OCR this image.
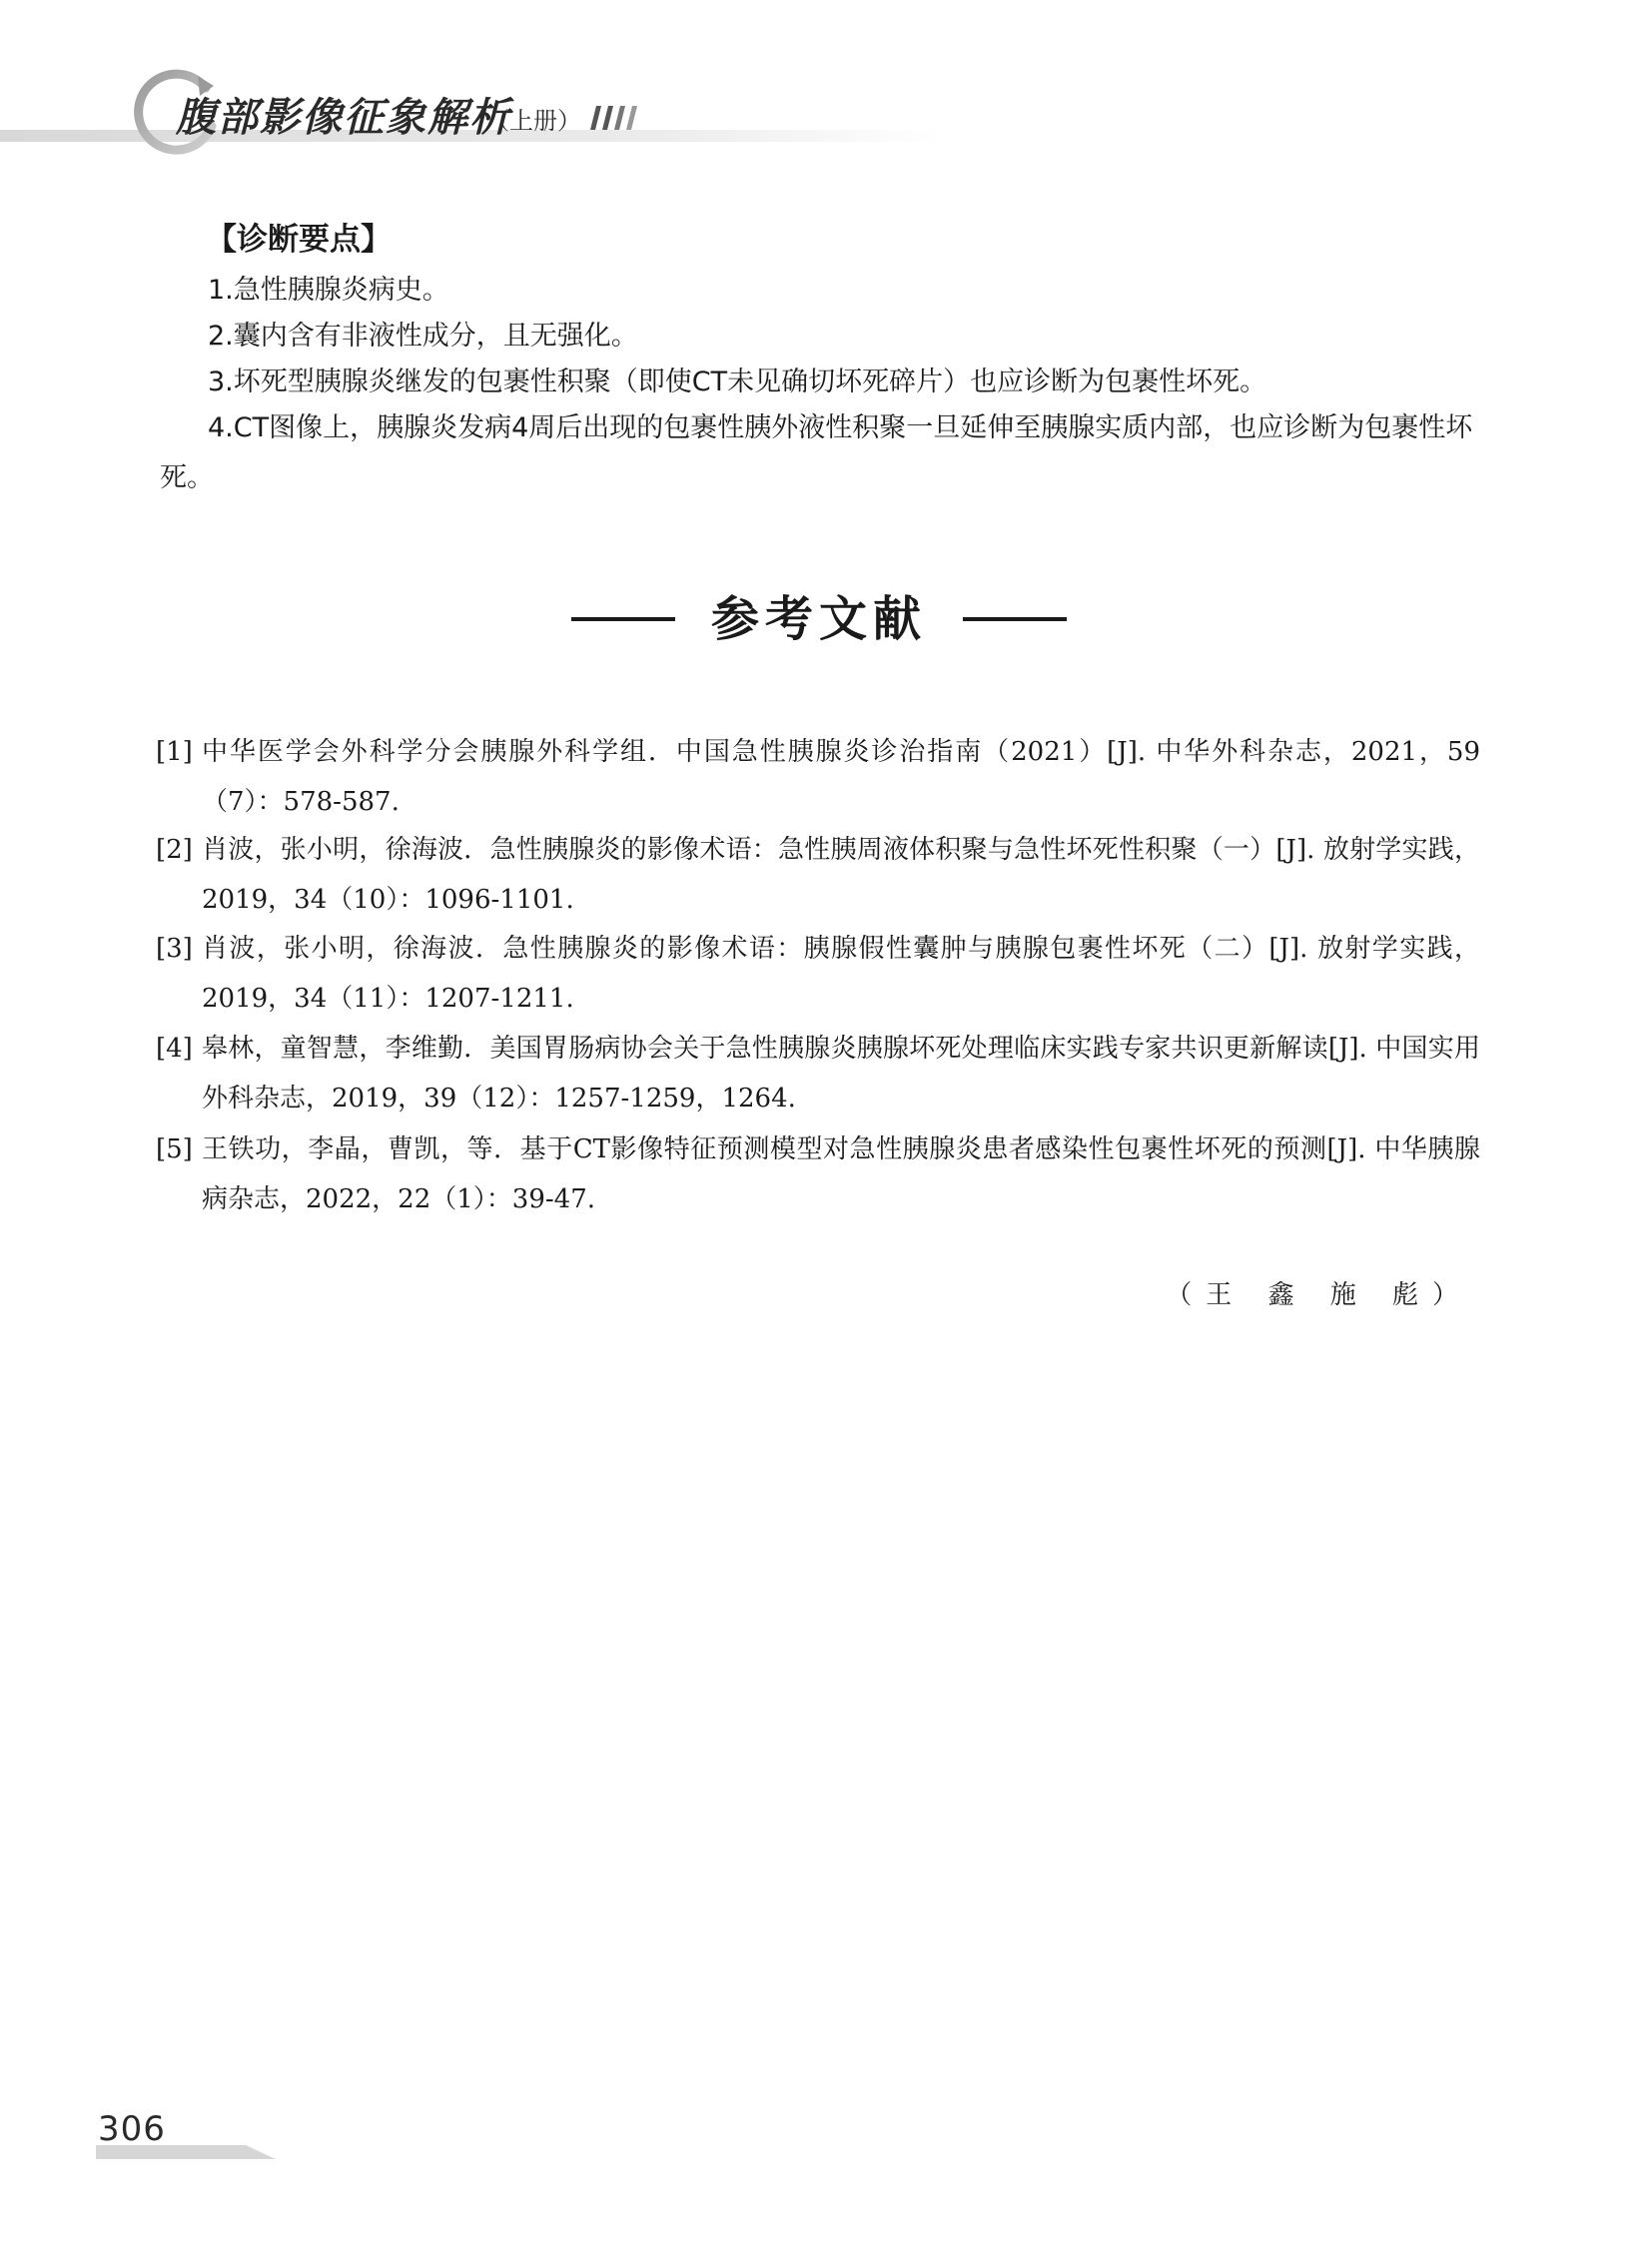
腹部影像征象解析
（上册）
【诊断要点】
1.急性胰腺炎病史。
2.囊内含有非液性成分，且无强化。
3.坏死型胰腺炎继发的包裹性积聚（即使CT未见确切坏死碎片）也应诊断为包裹性坏死。
4.CT图像上，胰腺炎发病4周后出现的包裹性胰外液性积聚一旦延伸至胰腺实质内部，也应诊断为包裹性坏死。
参考文献
[1] 中华医学会外科学分会胰腺外科学组．中国急性胰腺炎诊治指南（2021）[J]. 中华外科杂志，2021，59（7）：578-587.
[2] 肖波，张小明，徐海波．急性胰腺炎的影像术语：急性胰周液体积聚与急性坏死性积聚（一）[J]. 放射学实践，2019，34（10）：1096-1101.
[3] 肖波，张小明，徐海波．急性胰腺炎的影像术语：胰腺假性囊肿与胰腺包裹性坏死（二）[J]. 放射学实践，2019，34（11）：1207-1211.
[4] 皋林，童智慧，李维勤．美国胃肠病协会关于急性胰腺炎胰腺坏死处理临床实践专家共识更新解读[J]. 中国实用外科杂志，2019，39（12）：1257-1259，1264.
[5] 王铁功，李晶，曹凯，等．基于CT影像特征预测模型对急性胰腺炎患者感染性包裹性坏死的预测[J]. 中华胰腺病杂志，2022，22（1）：39-47.
（王 鑫 施 彪）
306
